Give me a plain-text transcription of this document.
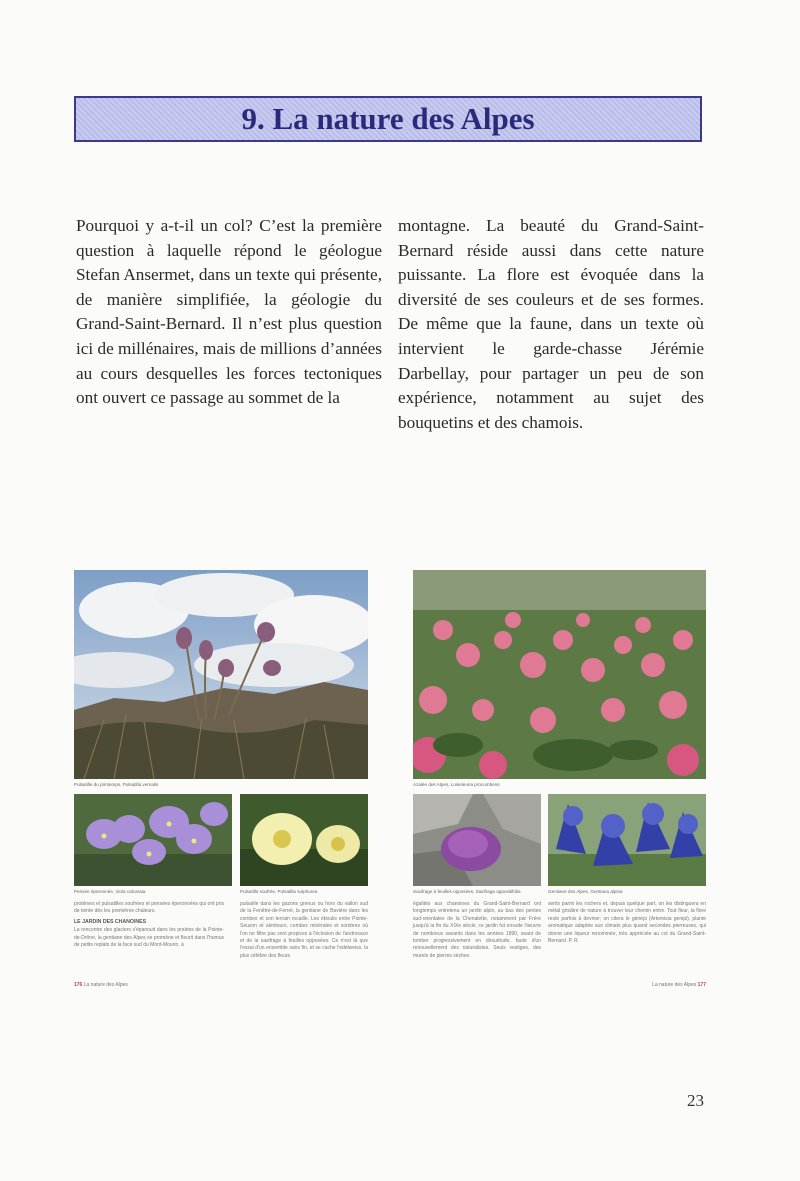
9. La nature des Alpes
Pourquoi y a-t-il un col? C’est la première question à laquelle répond le géologue Stefan Ansermet, dans un texte qui présente, de manière simplifiée, la géologie du Grand-Saint-Bernard. Il n’est plus question ici de millénaires, mais de millions d’années au cours desquelles les forces tectoniques ont ouvert ce passage au sommet de la
montagne. La beauté du Grand-Saint-Bernard réside aussi dans cette nature puissante. La flore est évoquée dans la diversité de ses couleurs et de ses formes. De même que la faune, dans un texte où intervient le garde-chasse Jérémie Darbellay, pour partager un peu de son expérience, notamment au sujet des bouquetins et des chamois.
Pulsatille du printemps, Pulsatilla vernalis
Pensée éperonnée, Viola calcarata	Pulsatille soufrée, Pulsatilla sulphurea
protéines et pulsatilles soufrées et pensées éperonnées qui ont pris de teinte dès les premières chaleurs.
LE JARDIN DES CHANOINES
La rencontre des glaciers s'épanouit dans les prairies de la Pointe-de-Drône, la gentiane des Alpes se promène et fleurit dans l'humus de petits replats de la face sud du Mont-Mourin, à
pulsatile dans les gazons grenus ou hors du vallon sud de la Fenêtre-de-Ferret, la gentiane de Bavière dans les combes et son terrain rocaille. Les éboulis entre Pointe-Seuzon et alentours, combes minérales et sombres où l'on ne filtre pas sont propices à l'éclosion de l'androsace et de la saxifrage à feuilles opposées. Ce n'est là que l'essai d'un ensemble sans fin, et se cache l'edelweiss, la plus célèbre des fleurs
176 La nature des Alpes
Azalée des Alpes, Loiseleuria procumbens
Saxifrage à feuilles opposées, Saxifraga oppositifolia	Gentiane des Alpes, Gentiana alpina
égalités aux chanoines du Grand-Saint-Bernard ont longtemps entretenu un jardin alpin, au bas des pentes sud-orientales de la Chenalette, notamment par Frère jusqu'à la fin du XIXe siècle, ce jardin fut ensuite l'œuvre de nombreux savants dans les années 1890, avant de tomber progressivement en désuétude, faute d'un renouvellement des naturalistes. Seuls vestiges, des murets de pierres sèches
sertis parmi les rochers et, depuis quelque part, on les distinguera en métal grisâtre de nature à trouver leur chemin entre. Tout fleur, la flore reste parfois à deviner; on citera le génépi (Artemisia genipi), plante aromatique adaptée aux climats plus quand secondes pierreuses, qui donne une liqueur renommée, très appréciée au col du Grand-Saint-Bernard. P. R.
La nature des Alpes 177
23
